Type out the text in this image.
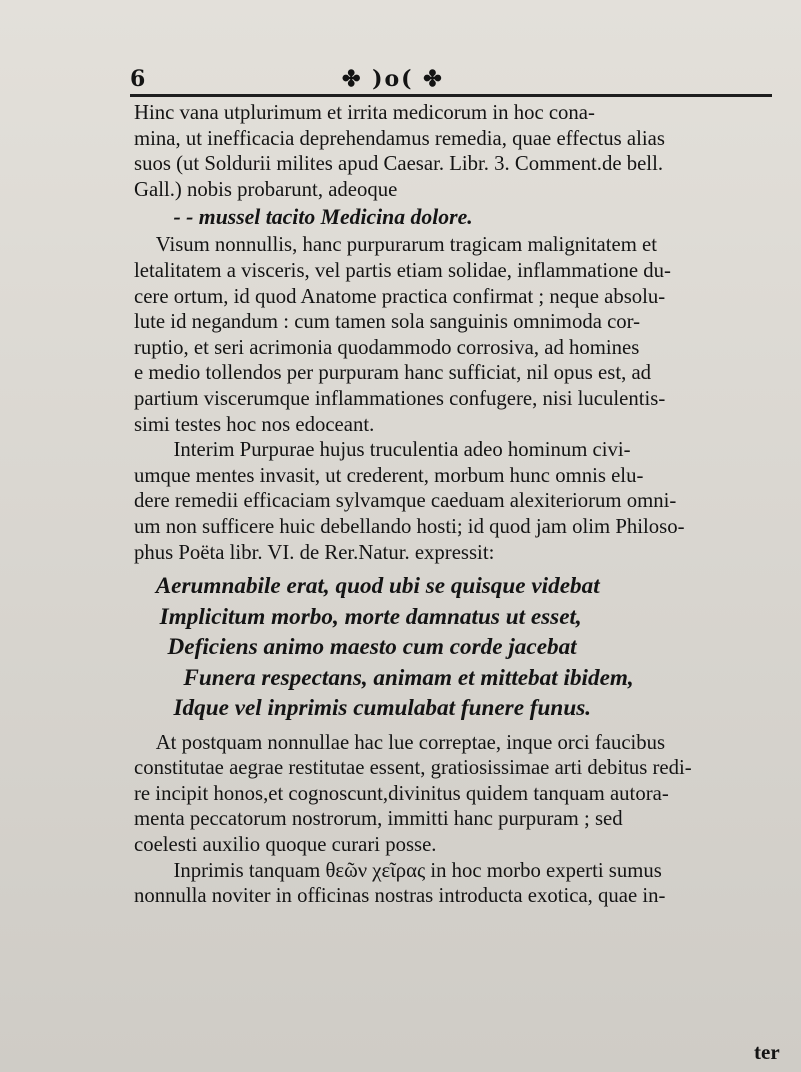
6	✤ )o( ✤
Hinc vana utplurimum et irrita medicorum in hoc cona-
mina, ut inefficacia deprehendamus remedia, quae effectus alias
suos (ut Soldurii milites apud Caesar. Libr. 3. Comment.de bell.
Gall.) nobis probarunt, adeoque
- - mussel tacito Medicina dolore.
Visum nonnullis, hanc purpurarum tragicam malignitatem et
letalitatem a visceris, vel partis etiam solidae, inflammatione du-
cere ortum, id quod Anatome practica confirmat ; neque absolu-
lute id negandum : cum tamen sola sanguinis omnimoda cor-
ruptio, et seri acrimonia quodammodo corrosiva, ad homines
e medio tollendos per purpuram hanc sufficiat, nil opus est, ad
partium viscerumque inflammationes confugere, nisi luculentis-
simi testes hoc nos edoceant.
Interim Purpurae hujus truculentia adeo hominum civi-
umque mentes invasit, ut crederent, morbum hunc omnis elu-
dere remedii efficaciam sylvamque caeduam alexiteriorum omni-
um non sufficere huic debellando hosti; id quod jam olim Philoso-
phus Poëta libr. VI. de Rer.Natur. expressit:
Aerumnabile erat, quod ubi se quisque videbat
Implicitum morbo, morte damnatus ut esset,
Deficiens animo maesto cum corde jacebat
Funera respectans, animam et mittebat ibidem,
Idque vel inprimis cumulabat funere funus.
At postquam nonnullae hac lue correptae, inque orci faucibus
constitutae aegrae restitutae essent, gratiosissimae arti debitus redi-
re incipit honos,et cognoscunt,divinitus quidem tanquam autora-
menta peccatorum nostrorum, immitti hanc purpuram ; sed
coelesti auxilio quoque curari posse.
Inprimis tanquam θεῶν χεῖρας in hoc morbo experti sumus
nonnulla noviter in officinas nostras introducta exotica, quae in-
ter
